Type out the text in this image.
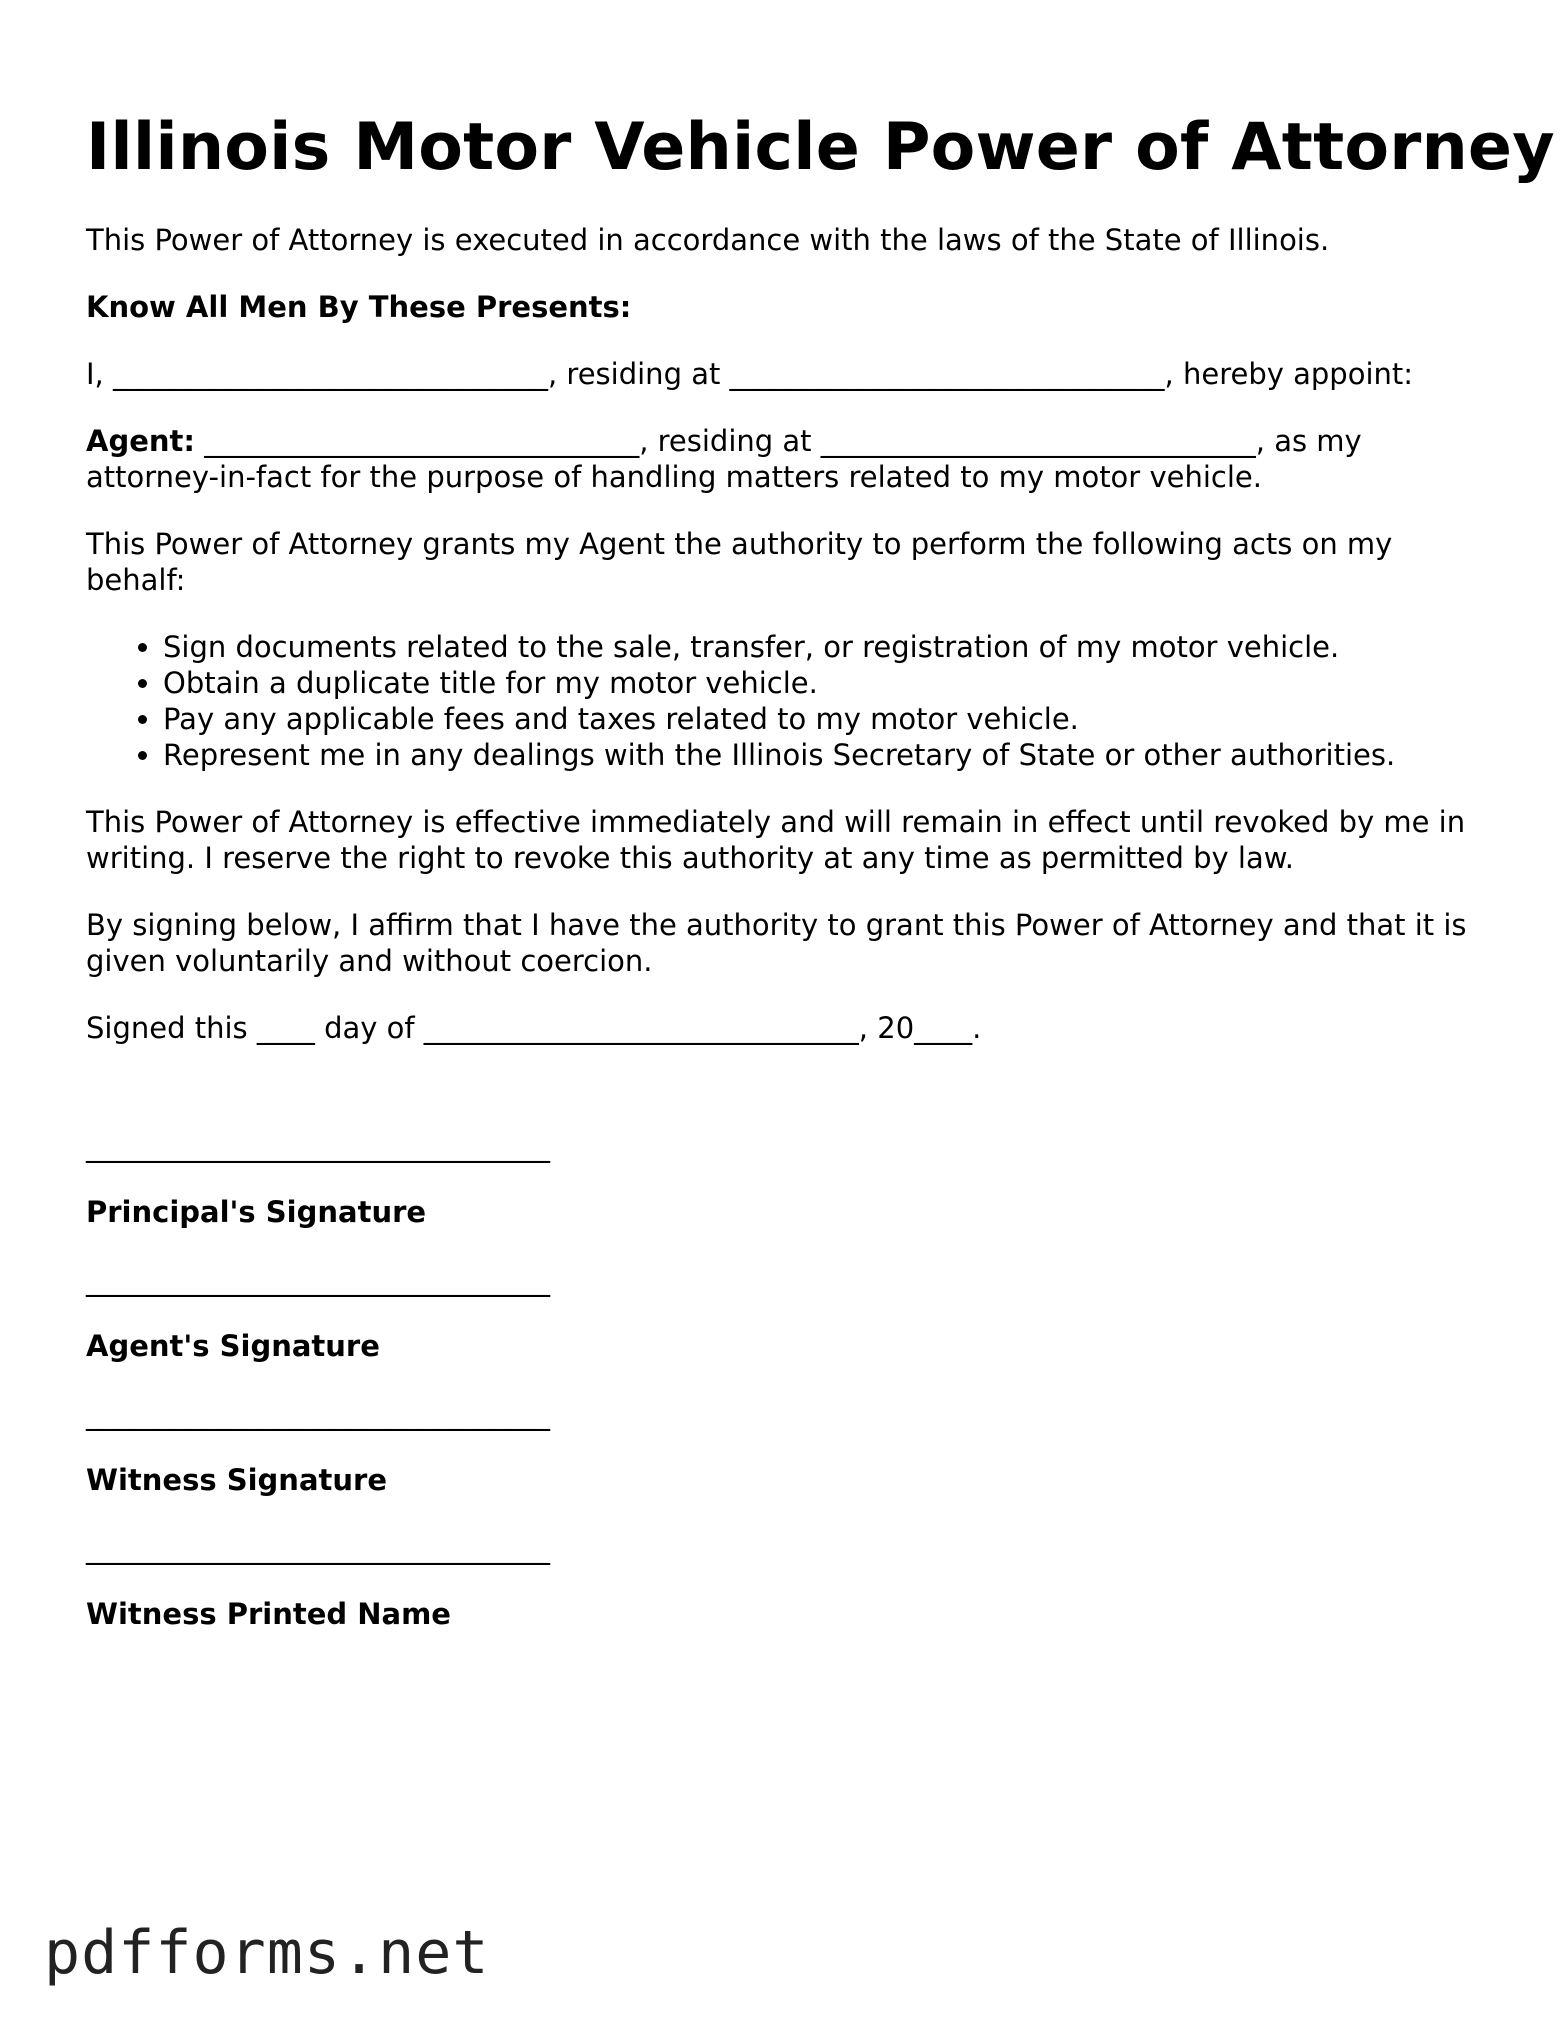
Illinois Motor Vehicle Power of Attorney

This Power of Attorney is executed in accordance with the laws of the State of Illinois.

Know All Men By These Presents:

I, ______________________________, residing at ______________________________, hereby appoint:

Agent: ______________________________, residing at ______________________________, as my attorney-in-fact for the purpose of handling matters related to my motor vehicle.

This Power of Attorney grants my Agent the authority to perform the following acts on my behalf:

• Sign documents related to the sale, transfer, or registration of my motor vehicle.
• Obtain a duplicate title for my motor vehicle.
• Pay any applicable fees and taxes related to my motor vehicle.
• Represent me in any dealings with the Illinois Secretary of State or other authorities.

This Power of Attorney is effective immediately and will remain in effect until revoked by me in writing. I reserve the right to revoke this authority at any time as permitted by law.

By signing below, I affirm that I have the authority to grant this Power of Attorney and that it is given voluntarily and without coercion.

Signed this ____ day of ______________________________, 20____.

________________________________
Principal's Signature
________________________________
Agent's Signature
________________________________
Witness Signature
________________________________
Witness Printed Name
pdfforms.net
